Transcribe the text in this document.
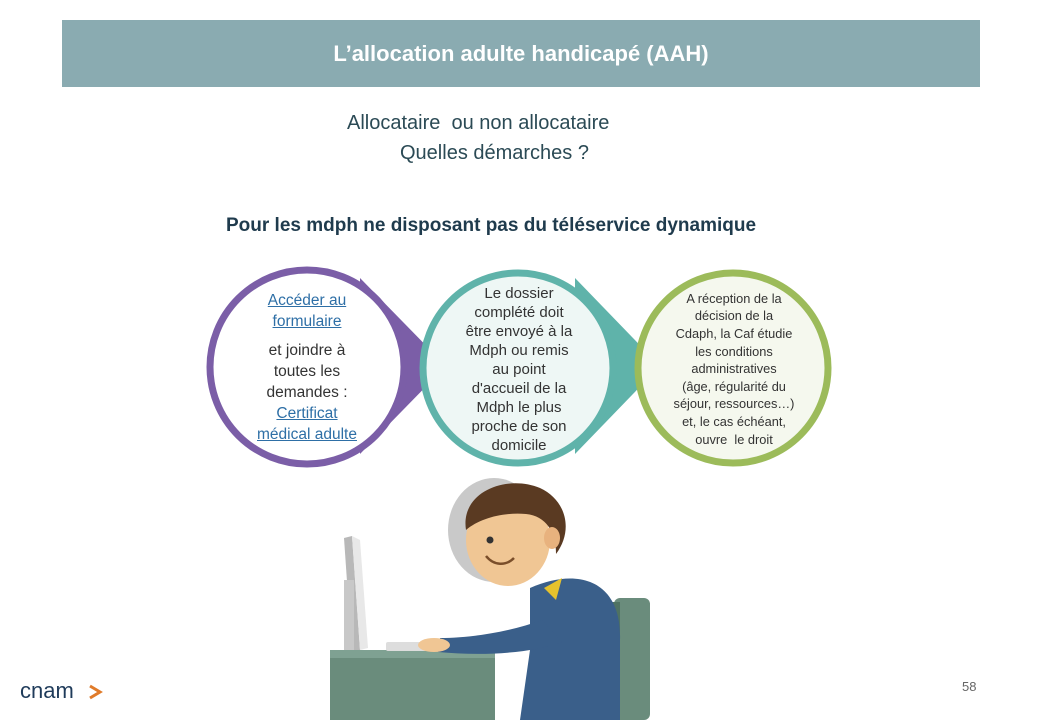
L’allocation adulte handicapé (AAH)
Allocataire  ou non allocataire
Quelles démarches ?
Pour les mdph ne disposant pas du téléservice dynamique
Accéder au
formulaire
et joindre à
toutes les
demandes :
Certificat
médical adulte
Le dossier
complété doit
être envoyé à la
Mdph ou remis
au point
d'accueil de la
Mdph le plus
proche de son
domicile
A réception de la
décision de la
Cdaph, la Caf étudie
les conditions
administratives
(âge, régularité du
séjour, ressources…)
et, le cas échéant,
ouvre  le droit
cnam	58
